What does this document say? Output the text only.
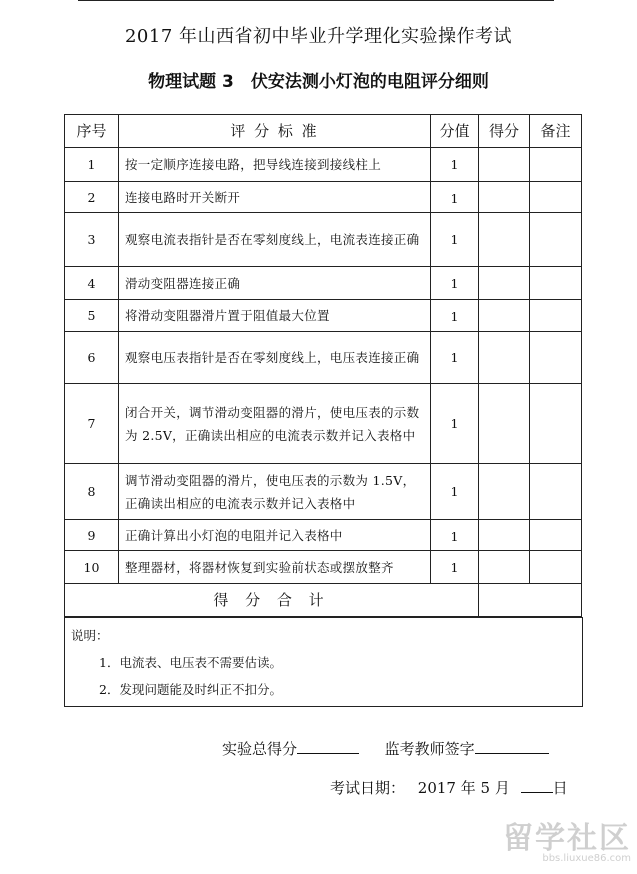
2017 年山西省初中毕业升学理化实验操作考试
物理试题 3　伏安法测小灯泡的电阻评分细则
序号	评 分 标 准	分值	得分	备注
1	按一定顺序连接电路，把导线连接到接线柱上	1		
2	连接电路时开关断开	1		
3	观察电流表指针是否在零刻度线上，电流表连接正确	1		
4	滑动变阻器连接正确	1		
5	将滑动变阻器滑片置于阻值最大位置	1		
6	观察电压表指针是否在零刻度线上，电压表连接正确	1		
7	闭合开关，调节滑动变阻器的滑片，使电压表的示数为 2.5V，正确读出相应的电流表示数并记入表格中	1		
8	调节滑动变阻器的滑片，使电压表的示数为 1.5V，正确读出相应的电流表示数并记入表格中	1		
9	正确计算出小灯泡的电阻并记入表格中	1		
10	整理器材，将器材恢复到实验前状态或摆放整齐	1		
得 分 合 计				
说明：
1．电流表、电压表不需要估读。
2．发现问题能及时纠正不扣分。
实验总得分	监考教师签字
考试日期： 2017 年 5 月	日
留学社区
bbs.liuxue86.com
